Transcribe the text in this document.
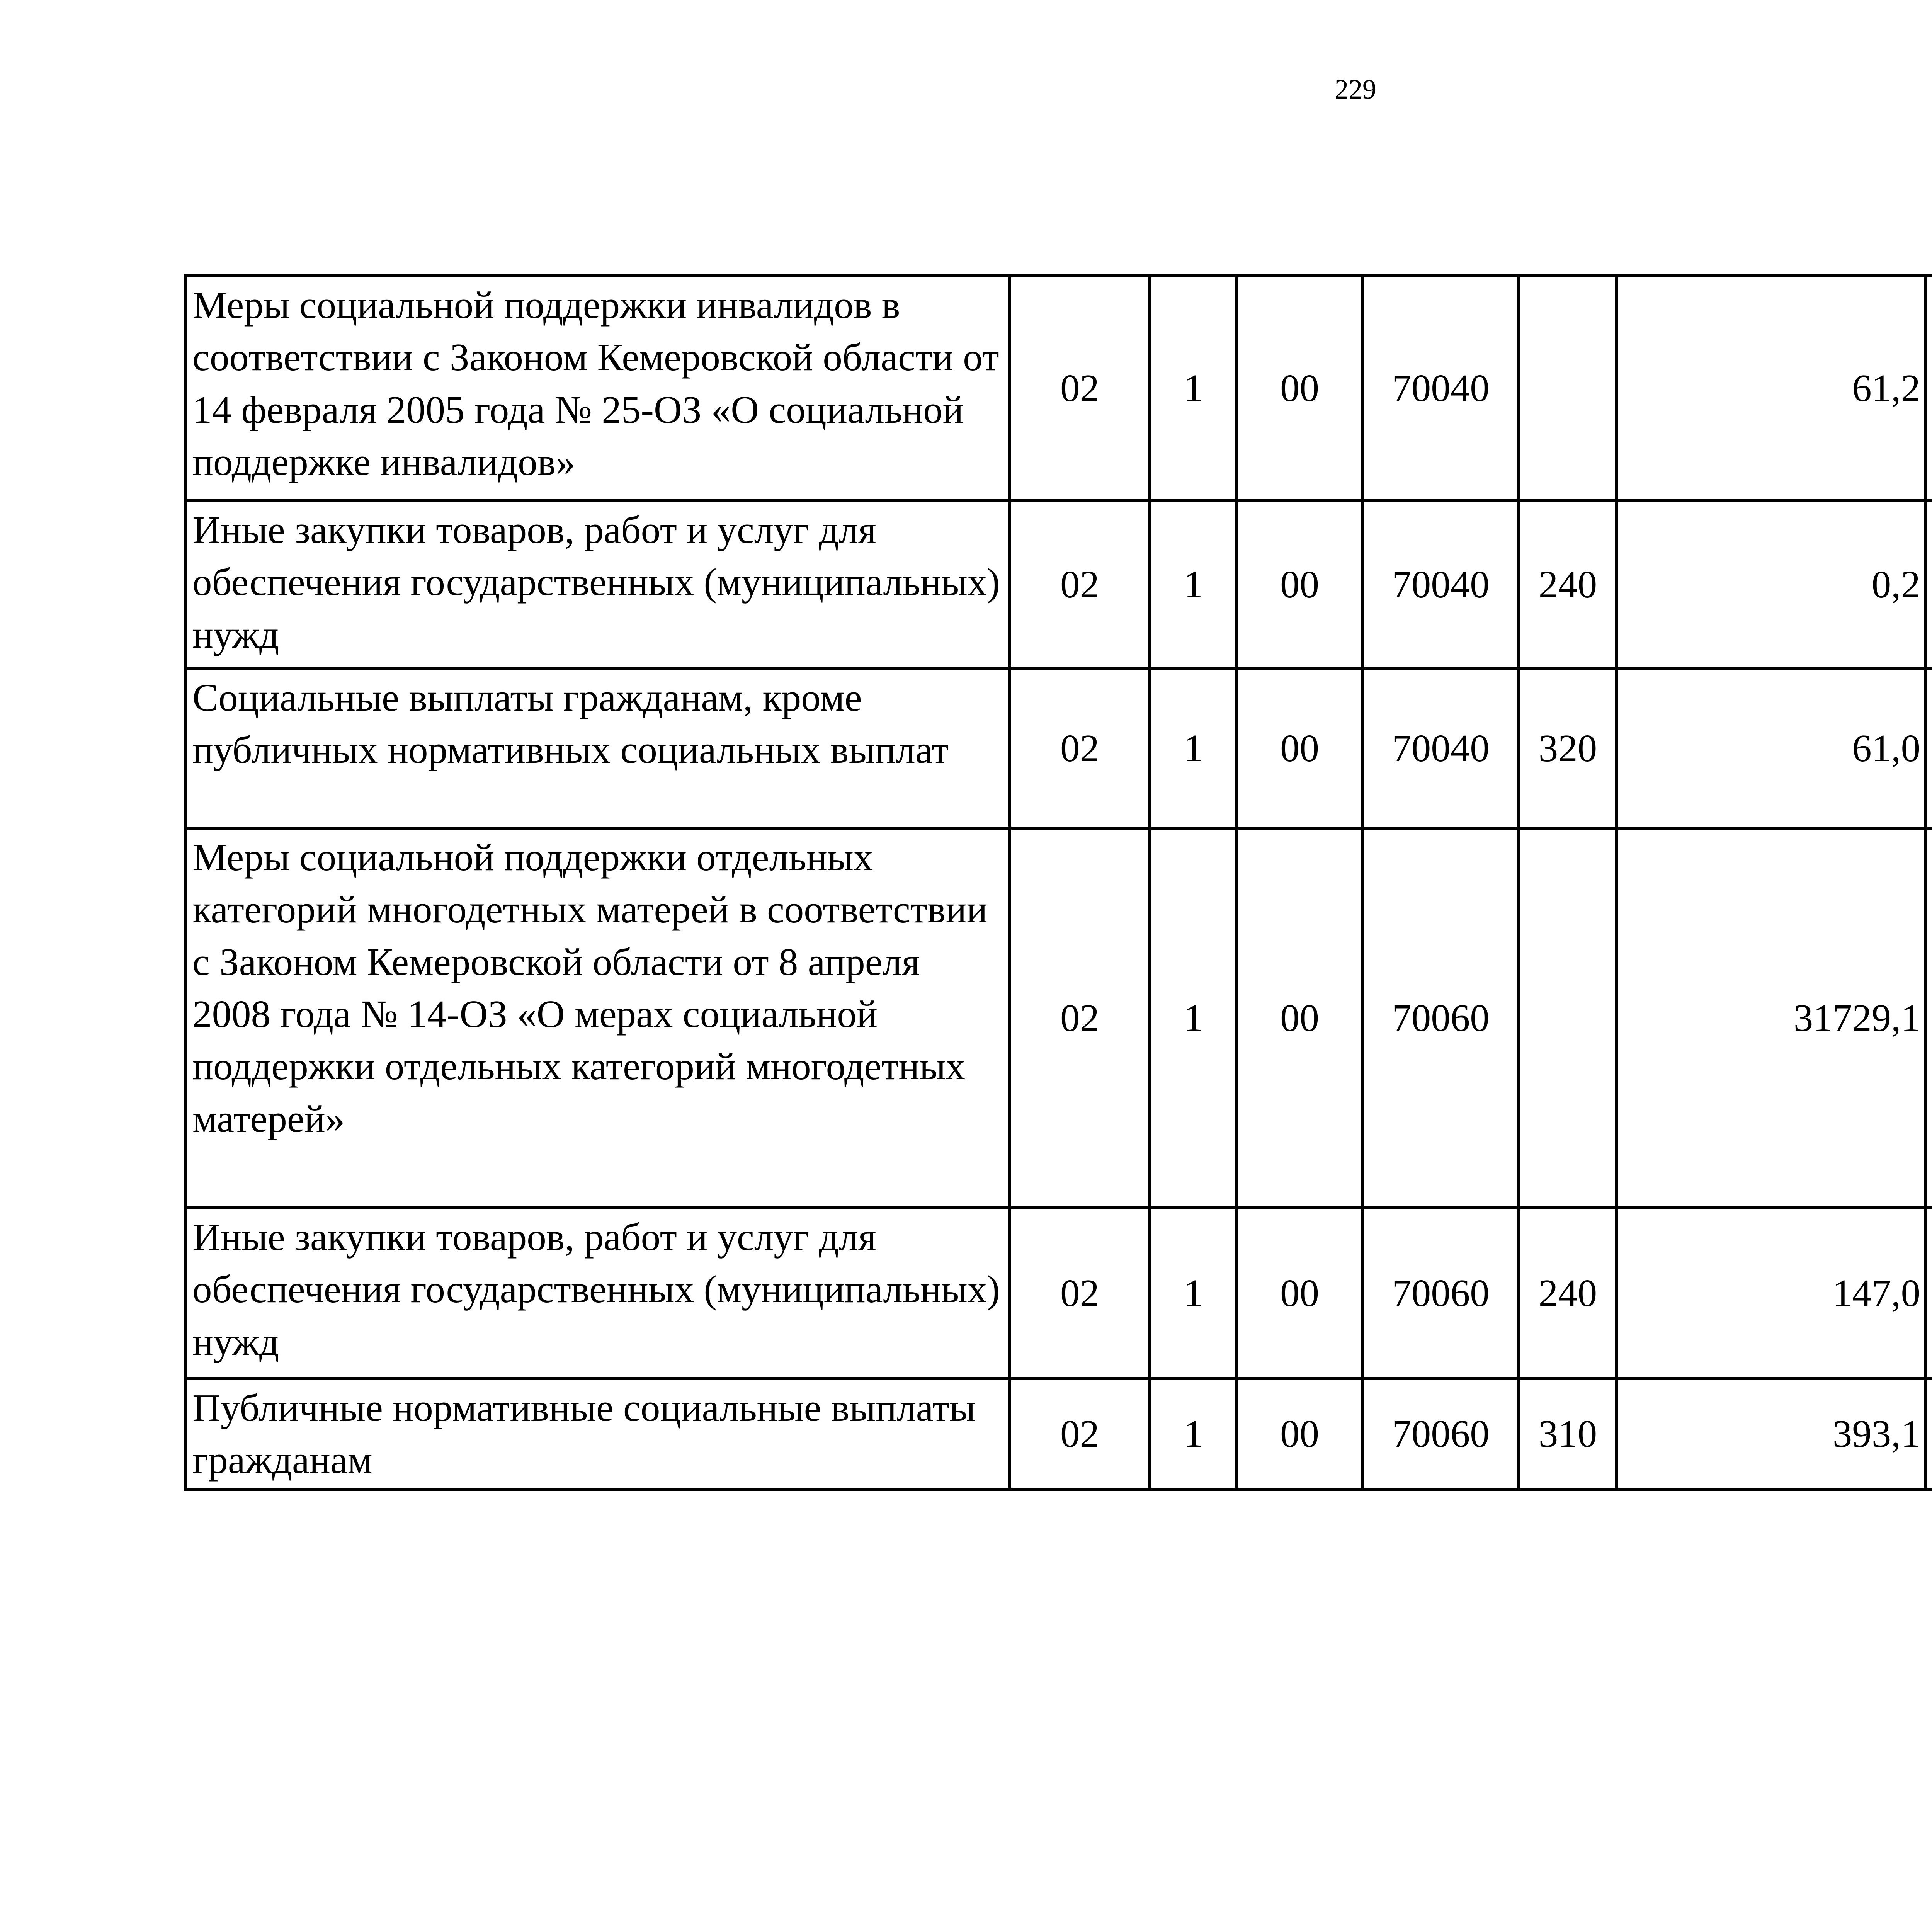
229
Меры социальной поддержки инвалидов в соответствии с Законом Кемеровской области от 14 февраля 2005 года № 25-ОЗ «О социальной поддержке инвалидов»	02	1	00	70040		61,2		
Иные закупки товаров, работ и услуг для обеспечения государственных (муниципальных) нужд	02	1	00	70040	240	0,2		
Социальные выплаты гражданам, кроме публичных нормативных социальных выплат	02	1	00	70040	320	61,0		
Меры социальной поддержки отдельных категорий многодетных матерей в соответствии с Законом Кемеровской области от 8 апреля 2008 года № 14-ОЗ «О мерах социальной поддержки отдельных категорий многодетных матерей»	02	1	00	70060		31729,1		
Иные закупки товаров, работ и услуг для обеспечения государственных (муниципальных) нужд	02	1	00	70060	240	147,0		
Публичные нормативные социальные выплаты гражданам	02	1	00	70060	310	393,1		
